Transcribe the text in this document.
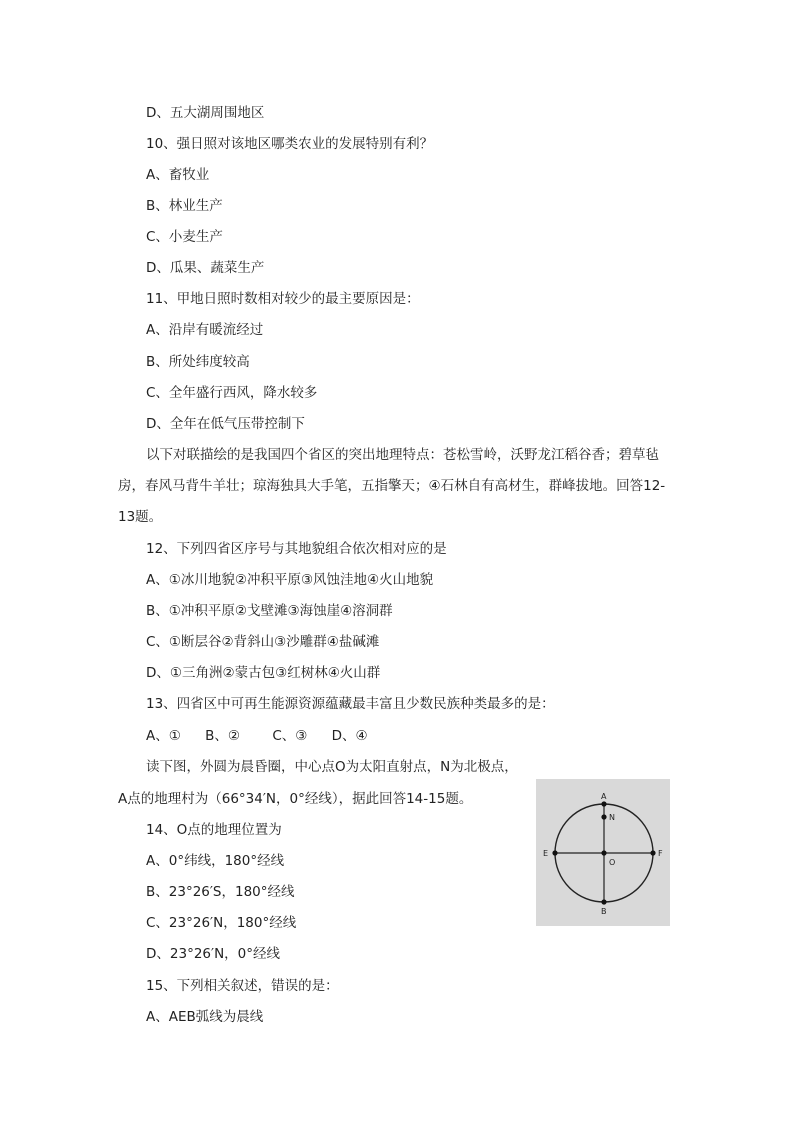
D、五大湖周围地区
10、强日照对该地区哪类农业的发展特别有利？
A、畜牧业
B、林业生产
C、小麦生产
D、瓜果、蔬菜生产
11、甲地日照时数相对较少的最主要原因是：
A、沿岸有暖流经过
B、所处纬度较高
C、全年盛行西风，降水较多
D、全年在低气压带控制下
以下对联描绘的是我国四个省区的突出地理特点：苍松雪岭，沃野龙江稻谷香；碧草毡房，春风马背牛羊壮；琼海独具大手笔，五指擎天；④石林自有高材生，群峰拔地。回答12-13题。
12、下列四省区序号与其地貌组合依次相对应的是
A、①冰川地貌②冲积平原③风蚀洼地④火山地貌
B、①冲积平原②戈壁滩③海蚀崖④溶洞群
C、①断层谷②背斜山③沙雕群④盐碱滩
D、①三角洲②蒙古包③红树林④火山群
13、四省区中可再生能源资源蕴藏最丰富且少数民族种类最多的是：
A、① B、② C、③ D、④
读下图，外圆为晨昏圈，中心点O为太阳直射点，N为北极点，
A点的地理村为（66°34′N，0°经线），据此回答14-15题。
14、O点的地理位置为
A、0°纬线，180°经线
B、23°26′S，180°经线
C、23°26′N，180°经线
D、23°26′N，0°经线
15、下列相关叙述，错误的是：
A、AEB弧线为晨线
A
B
E	F
N
O
